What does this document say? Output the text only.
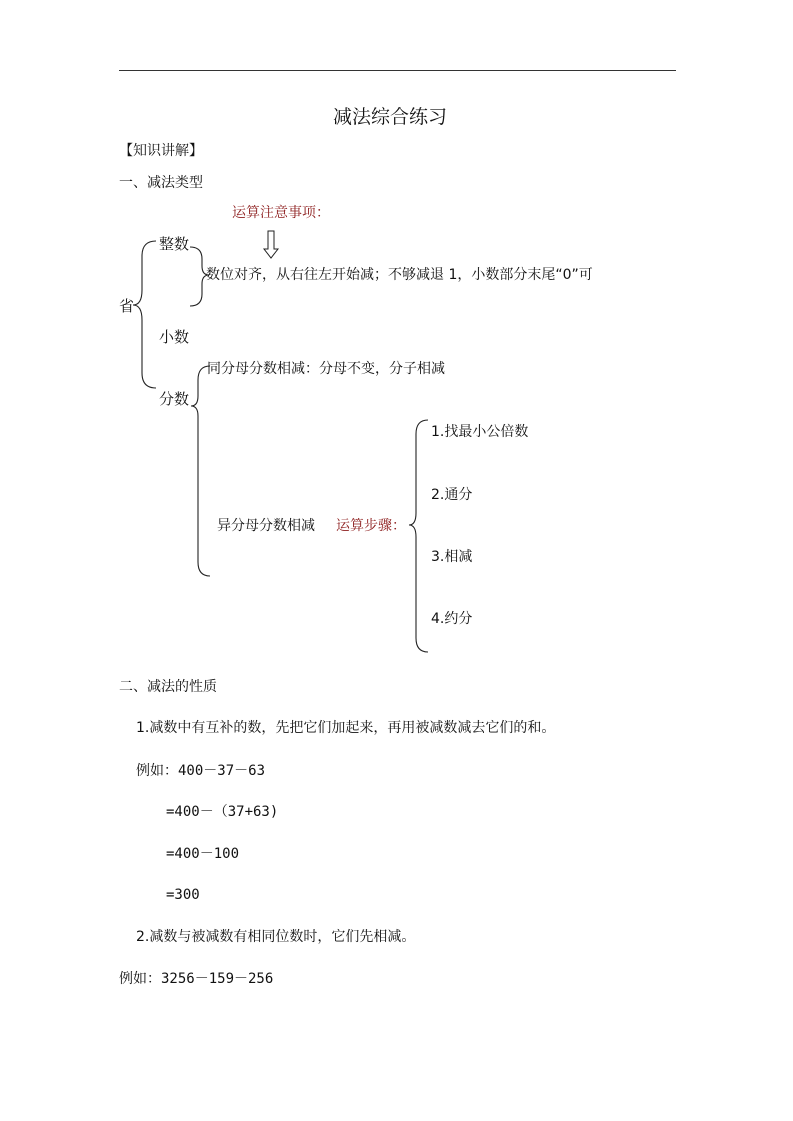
减法综合练习
【知识讲解】
一、减法类型
运算注意事项：
省
整数
小数
分数
数位对齐，从右往左开始减；不够减退 1，小数部分末尾“0”可
同分母分数相减：分母不变，分子相减
异分母分数相减 运算步骤：
1.找最小公倍数
2.通分
3.相减
4.约分
二、减法的性质
1.减数中有互补的数，先把它们加起来，再用被减数减去它们的和。
例如：400－37－63
=400－（37+63)
=400－100
=300
2.减数与被减数有相同位数时，它们先相减。
例如：3256－159－256
